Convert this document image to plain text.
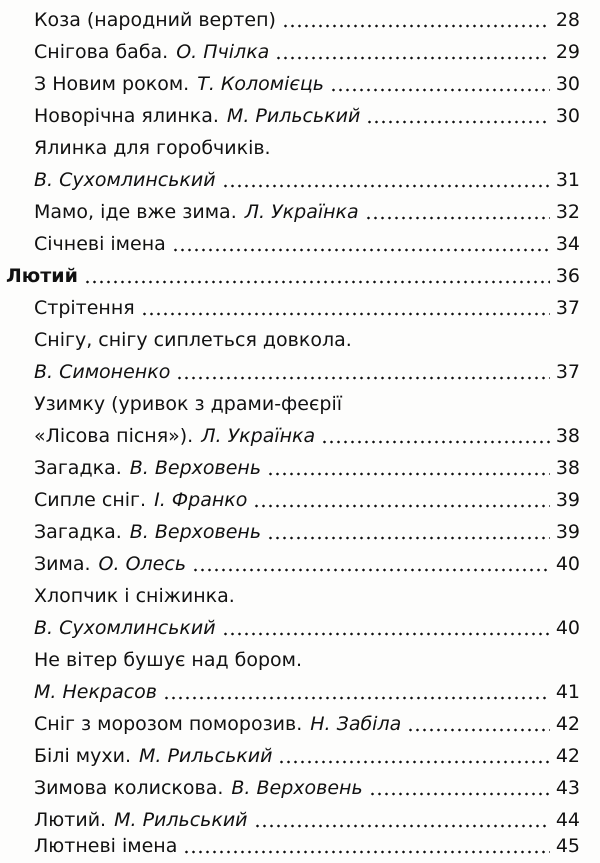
Коза (народний вертеп)	28
Снігова баба. О. Пчілка	29
З Новим роком. Т. Коломієць	30
Новорічна ялинка. М. Рильський	30
Ялинка для горобчиків.
В. Сухомлинський	31
Мамо, іде вже зима. Л. Українка	32
Січневі імена	34
Лютий	36
Стрітення	37
Снігу, снігу сиплеться довкола.
В. Симоненко	37
Узимку (уривок з драми-феєрії
«Лісова пісня»). Л. Українка	38
Загадка. В. Верховень	38
Сипле сніг. І. Франко	39
Загадка. В. Верховень	39
Зима. О. Олесь	40
Хлопчик і сніжинка.
В. Сухомлинський	40
Не вітер бушує над бором.
М. Некрасов	41
Сніг з морозом поморозив. Н. Забіла	42
Білі мухи. М. Рильський	42
Зимова колискова. В. Верховень	43
Лютий. М. Рильський	44
Лютневі імена	45
